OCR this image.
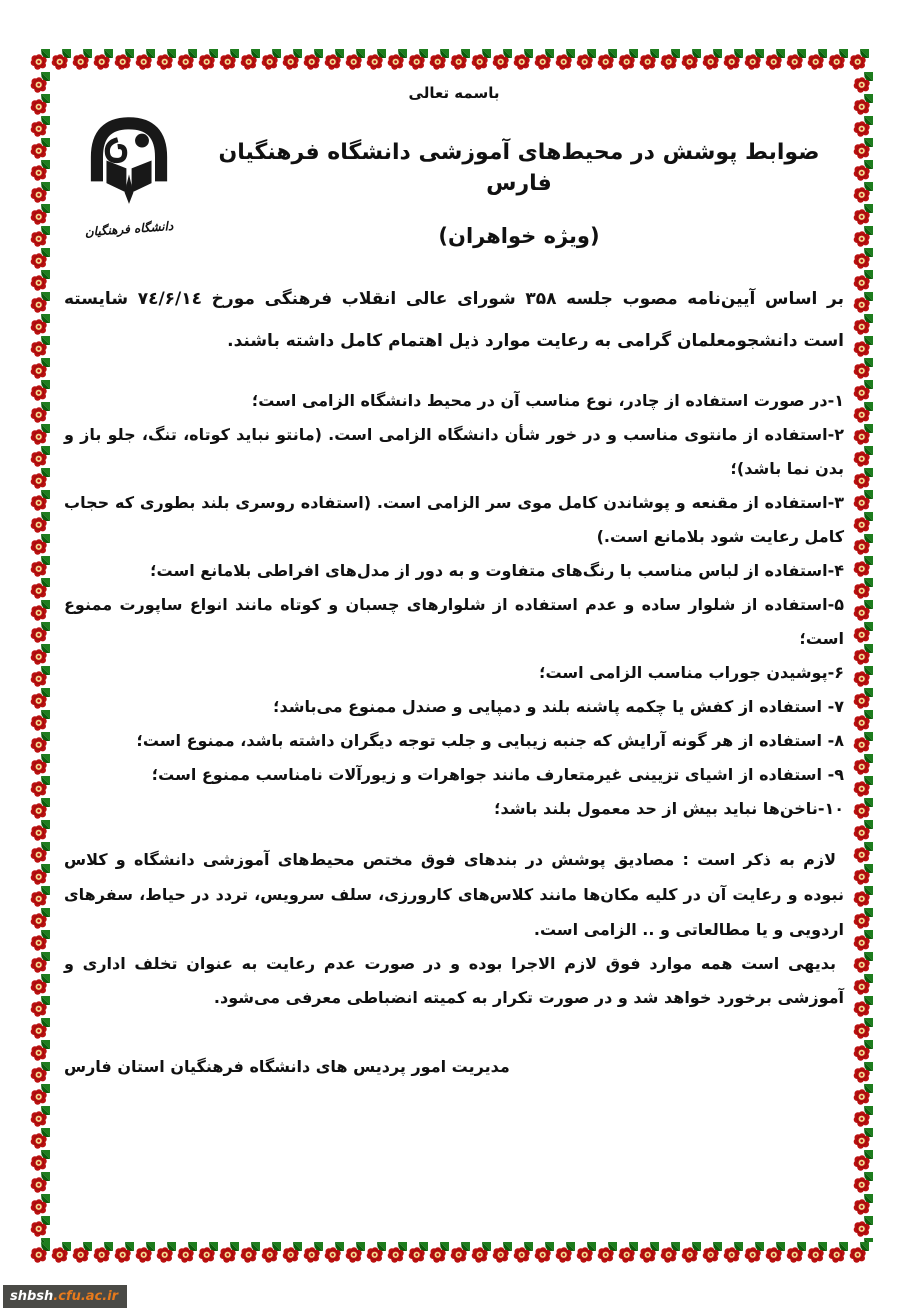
باسمه تعالی
ضوابط پوشش در محیط‌های آموزشی دانشگاه فرهنگیان فارس
(ویژه خواهران)
دانشگاه فرهنگیان

بر اساس آیین‌نامه مصوب جلسه ۳۵۸ شورای عالی انقلاب فرهنگی مورخ ۷٤/۶/۱٤ شایسته است دانشجومعلمان گرامی به رعایت موارد ذیل اهتمام کامل داشته باشند.

۱-در صورت استفاده از چادر، نوع مناسب آن در محیط دانشگاه الزامی است؛
۲-استفاده از مانتوی مناسب و در خور شأن دانشگاه الزامی است. (مانتو نباید کوتاه، تنگ، جلو باز و بدن نما باشد)؛
۳-استفاده از مقنعه و پوشاندن کامل موی سر الزامی است. (استفاده روسری بلند بطوری که حجاب کامل رعایت شود بلامانع است.)
۴-استفاده از لباس مناسب با رنگ‌های متفاوت و به دور از مدل‌های افراطی بلامانع است؛
۵-استفاده از شلوار ساده و عدم استفاده از شلوارهای چسبان و کوتاه مانند انواع ساپورت ممنوع است؛
۶-پوشیدن جوراب مناسب الزامی است؛
۷- استفاده از کفش یا چکمه پاشنه بلند و دمپایی و صندل ممنوع می‌باشد؛
۸- استفاده از هر گونه آرایش که جنبه زیبایی و جلب توجه دیگران داشته باشد، ممنوع است؛
۹- استفاده از اشیای تزیینی غیرمتعارف مانند جواهرات و زیورآلات نامناسب ممنوع است؛
۱۰-ناخن‌ها نباید بیش از حد معمول بلند باشد؛

لازم به ذکر است : مصادیق پوشش در بندهای فوق مختص محیط‌های آموزشی دانشگاه و کلاس نبوده و رعایت آن در کلیه مکان‌ها مانند کلاس‌های کارورزی، سلف سرویس، تردد در حیاط، سفرهای اردویی و یا مطالعاتی و .. الزامی است.

بدیهی است همه موارد فوق لازم الاجرا بوده و در صورت عدم رعایت به عنوان تخلف اداری و آموزشی برخورد خواهد شد و در صورت تکرار به کمیته انضباطی معرفی می‌شود.

مدیریت امور پردیس های دانشگاه فرهنگیان استان فارس
shbsh.cfu.ac.ir
